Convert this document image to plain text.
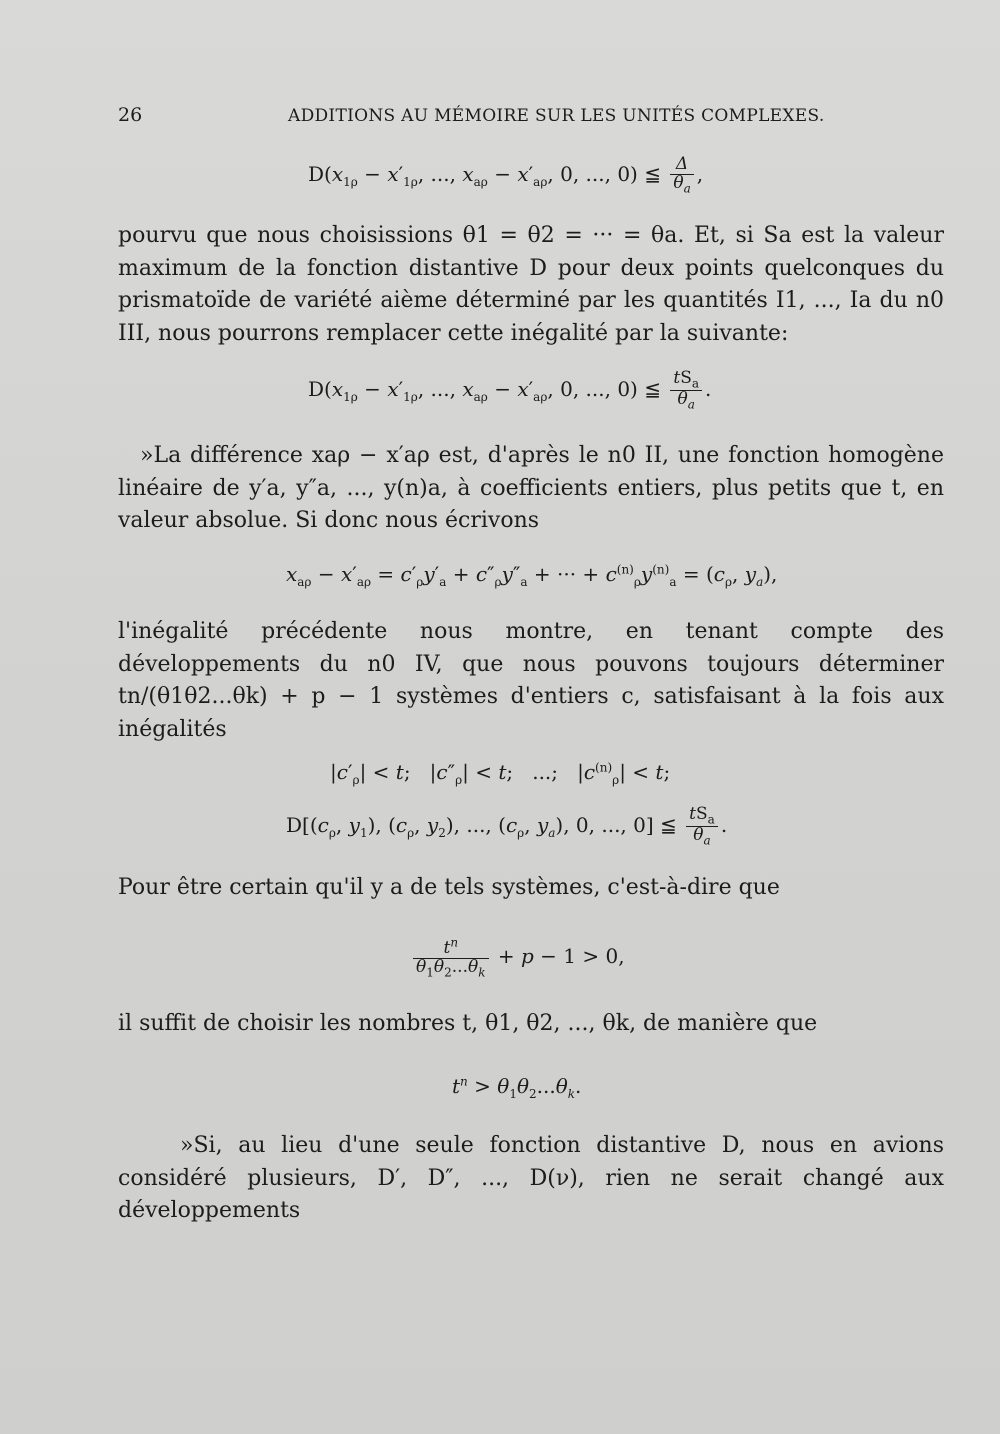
26	ADDITIONS AU MÉMOIRE SUR LES UNITÉS COMPLEXES.
$D(x_{1\rho} - x'_{1\rho}$, ..., $x_{a\rho} - x'_{a\rho}$, 0, ..., 0) ≦ $\frac{\Delta}{\theta_a}$ ,
pourvu que nous choisissions θ1 = θ2 = ··· = θa. Et, si Sa est la valeur maximum de la fonction distantive D pour deux points quelconques du prismatoïde de variété aième déterminé par les quantités I1, ..., Ia du n0 III, nous pourrons remplacer cette inégalité par la suivante:
$D(x_{1\rho} - x'_{1\rho}$, ..., $x_{a\rho} - x'_{a\rho}$, 0, ..., 0) ≦ $\frac{tS_a}{\theta_a}$ .
»La différence xaρ − x′aρ est, d'après le n0 II, une fonction homogène linéaire de y′a, y″a, ..., y(n)a, à coefficients entiers, plus petits que t, en valeur absolue. Si donc nous écrivons
$x_{a\rho} - x'_{a\rho} = c'_\rho y'_a + c''_\rho y''_a$ + ··· + $c^{(n)}_\rho y^{(n)}_a = (c_\rho$, $y_a$),
l'inégalité précédente nous montre, en tenant compte des développements du n0 IV, que nous pouvons toujours déterminer tn/(θ1θ2...θk) + p − 1 systèmes d'entiers c, satisfaisant à la fois aux inégalités
$|c'_\rho| < t$;   $|c''_\rho| < t$;   ...;   $|c^{(n)}_\rho| < t$;
$D[(c_\rho$, $y_1$), ($c_\rho$, $y_2$), ..., ($c_\rho$, $y_a$), 0, ..., 0] ≦ $\frac{tS_a}{\theta_a}$ .
Pour être certain qu'il y a de tels systèmes, c'est-à-dire que
$\frac{t^n}{\theta_1\theta_2...\theta_k} + p - 1 > 0$,
il suffit de choisir les nombres t, θ1, θ2, ..., θk, de manière que
$t^n > \theta_1\theta_2...\theta_k$.
»Si, au lieu d'une seule fonction distantive D, nous en avions considéré plusieurs, D′, D″, ..., D(ν), rien ne serait changé aux développements
